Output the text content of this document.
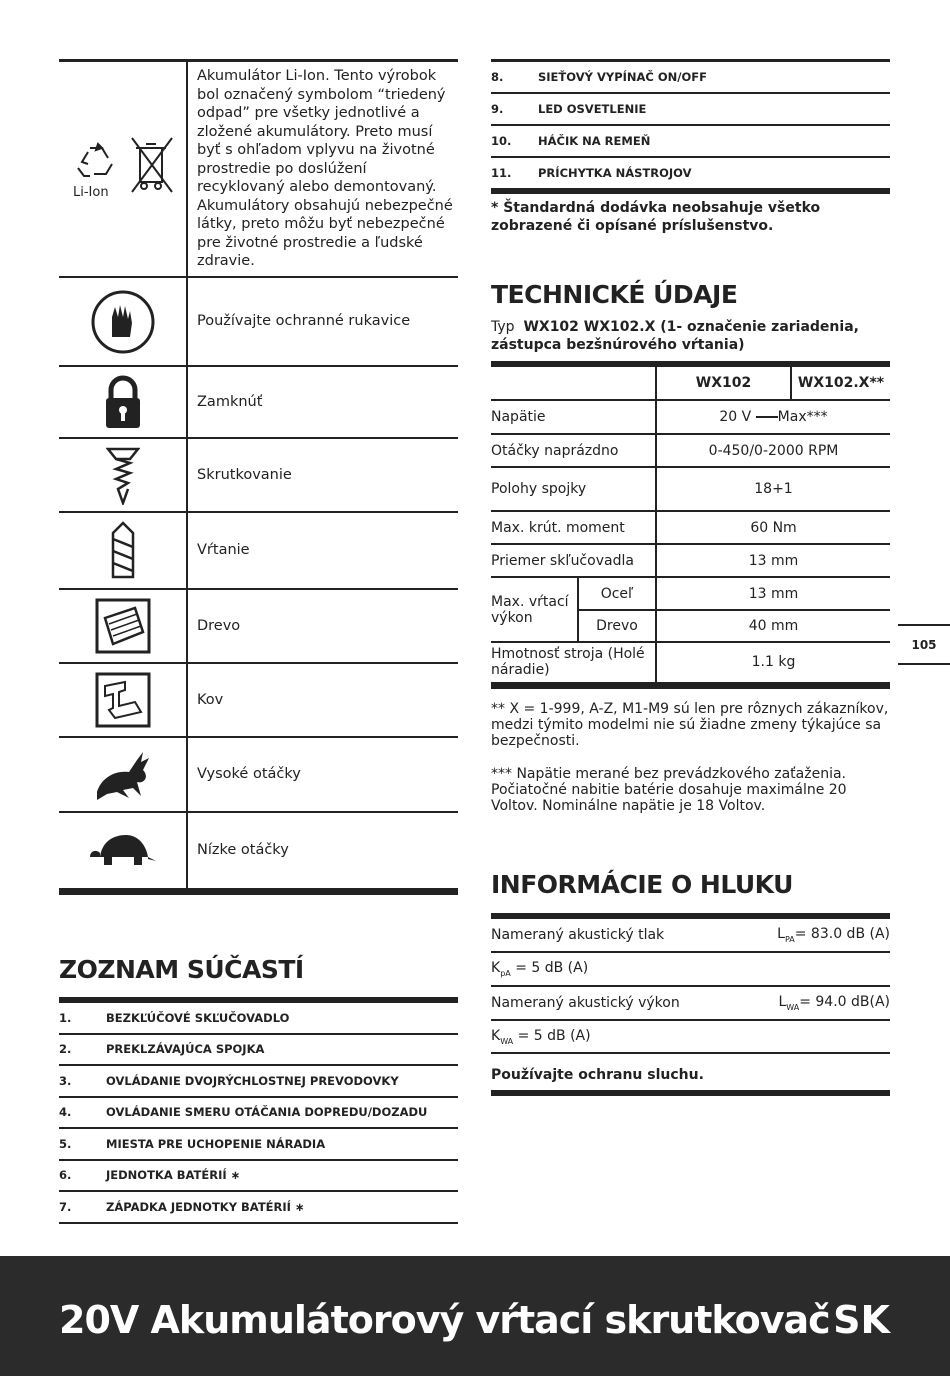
Li-Ion
Akumulátor Li-Ion. Tento výrobok bol označený symbolom “triedený odpad” pre všetky jednotlivé a zložené akumulátory. Preto musí byť s ohľadom vplyvu na životné prostredie po doslúžení recyklovaný alebo demontovaný. Akumulátory obsahujú nebezpečné látky, preto môžu byť nebezpečné pre životné prostredie a ľudské zdravie.
Používajte ochranné rukavice
Zamknúť
Skrutkovanie
Vŕtanie
Drevo
Kov
Vysoké otáčky
Nízke otáčky
ZOZNAM SÚČASTÍ
1.	BEZKĽÚČOVÉ SKĽUČOVADLO
2.	PREKLZÁVAJÚCA SPOJKA
3.	OVLÁDANIE DVOJRÝCHLOSTNEJ PREVODOVKY
4.	OVLÁDANIE SMERU OTÁČANIA DOPREDU/DOZADU
5.	MIESTA PRE UCHOPENIE NÁRADIA
6.	JEDNOTKA BATÉRIÍ ∗
7.	ZÁPADKA JEDNOTKY BATÉRIÍ ∗
8.	SIEŤOVÝ VYPÍNAČ ON/OFF
9.	LED OSVETLENIE
10.	HÁČIK NA REMEŇ
11.	PRÍCHYTKA NÁSTROJOV
* Štandardná dodávka neobsahuje všetko zobrazené či opísané príslušenstvo.
TECHNICKÉ ÚDAJE
Typ WX102 WX102.X (1- označenie zariadenia, zástupca bezšnúrového vŕtania)
		WX102	WX102.X**
Napätie		20 V Max***	
Otáčky naprázdno		0-450/0-2000 RPM	
Polohy spojky		18+1	
Max. krút. moment		60 Nm	
Priemer skľučovadla		13 mm	
Max. vŕtací výkon	Oceľ	13 mm	
	Drevo	40 mm	
Hmotnosť stroja (Holé náradie)		1.1 kg	
** X = 1-999, A-Z, M1-M9 sú len pre rôznych zákazníkov, medzi týmito modelmi nie sú žiadne zmeny týkajúce sa bezpečnosti.
*** Napätie merané bez prevádzkového zaťaženia. Počiatočné nabitie batérie dosahuje maximálne 20 Voltov. Nominálne napätie je 18 Voltov.
INFORMÁCIE O HLUKU
Nameraný akustický tlak	$L_{PA}= 83.0$ dB (A)
$K_{pA} = 5$ dB (A)
Nameraný akustický výkon	$L_{WA}= 94.0$ dB(A)
$K_{WA} = 5$ dB (A)
Používajte ochranu sluchu.
105
20V Akumulátorový vŕtací skrutkovač SK
